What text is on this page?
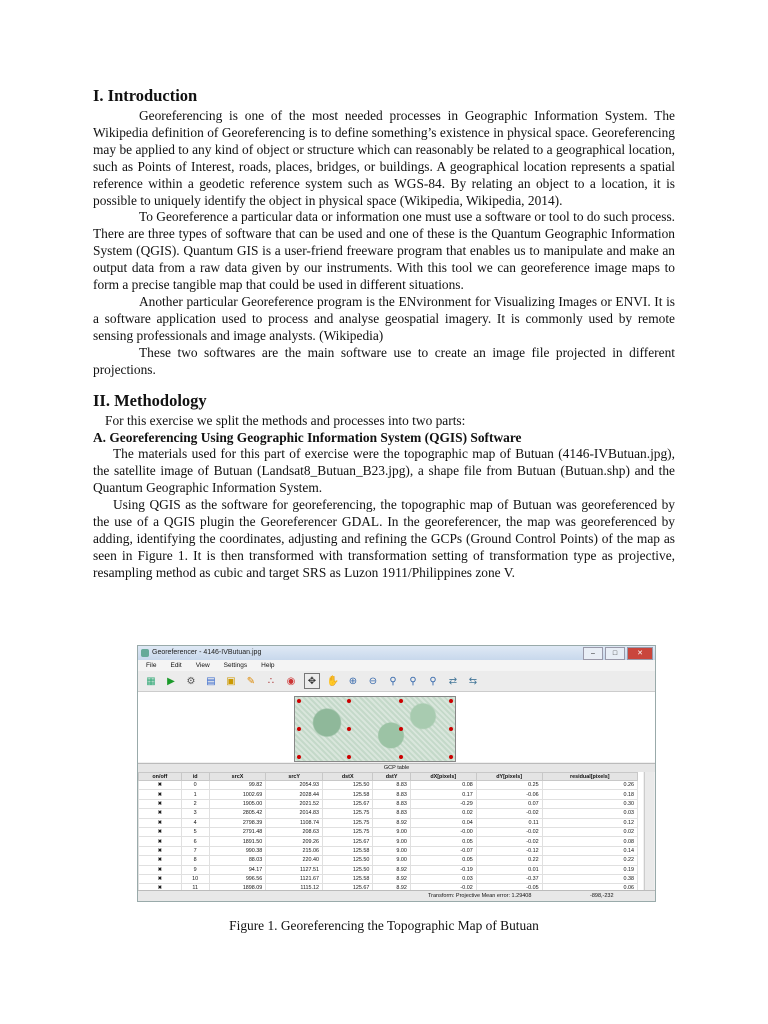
I. Introduction

Georeferencing is one of the most needed processes in Geographic Information System. The Wikipedia definition of Georeferencing is to define something’s existence in physical space. Georeferencing may be applied to any kind of object or structure which can reasonably be related to a geographical location, such as Points of Interest, roads, places, bridges, or buildings. A geographical location represents a spatial reference within a geodetic reference system such as WGS-84. By relating an object to a location, it is possible to uniquely identify the object in physical space (Wikipedia, Wikipedia, 2014).

To Georeference a particular data or information one must use a software or tool to do such process. There are three types of software that can be used and one of these is the Quantum Geographic Information System (QGIS). Quantum GIS is a user-friend freeware program that enables us to manipulate and make an output data from a raw data given by our instruments. With this tool we can georeference image maps to form a precise tangible map that could be used in different situations.

Another particular Georeference program is the ENvironment for Visualizing Images or ENVI. It is a software application used to process and analyse geospatial imagery. It is commonly used by remote sensing professionals and image analysts. (Wikipedia)

These two softwares are the main software use to create an image file projected in different projections.

II. Methodology

For this exercise we split the methods and processes into two parts:

A. Georeferencing Using Geographic Information System (QGIS) Software

The materials used for this part of exercise were the topographic map of Butuan (4146-IVButuan.jpg), the satellite image of Butuan (Landsat8_Butuan_B23.jpg), a shape file from Butuan (Butuan.shp) and the Quantum Geographic Information System.

Using QGIS as the software for georeferencing, the topographic map of Butuan was georeferenced by the use of a QGIS plugin the Georeferencer GDAL. In the georeferencer, the map was georeferenced by adding, identifying the coordinates, adjusting and refining the GCPs (Ground Control Points) of the map as seen in Figure 1. It is then transformed with transformation setting of transformation type as projective, resampling method as cubic and target SRS as Luzon 1911/Philippines zone V.

Georeferencer - 4146-IVButuan.jpg	–	□	✕
File Edit View Settings Help
▦	▶	⚙ ▤ ▣ ✎	∴	◉	✥	✋ ⊕ ⊖	⚲	⚲	⚲	⇄ ⇆
GCP table
on/off	id	srcX	srcY	dstX	dstY	dX[pixels]	dY[pixels]	residual[pixels]
✖	0	99.82	2054.93	125.50	8.83	0.08	0.25	0.26
✖	1	1002.69	2028.44	125.58	8.83	0.17	-0.06	0.18
✖	2	1905.00	2021.52	125.67	8.83	-0.29	0.07	0.30
✖	3	2805.42	2014.83	125.75	8.83	0.02	-0.02	0.03
✖	4	2798.39	1108.74	125.75	8.92	0.04	0.11	0.12
✖	5	2791.48	208.63	125.75	9.00	-0.00	-0.02	0.02
✖	6	1891.50	209.26	125.67	9.00	0.05	-0.02	0.08
✖	7	990.38	215.06	125.58	9.00	-0.07	-0.12	0.14
✖	8	88.03	220.40	125.50	9.00	0.05	0.22	0.22
✖	9	94.17	1127.51	125.50	8.92	-0.19	0.01	0.19
✖	10	996.56	1121.67	125.58	8.92	0.03	-0.37	0.38
✖	11	1898.09	1115.12	125.67	8.92	-0.02	-0.05	0.06

Transform: Projective Mean error: 1.29408	-898,-232
Figure 1. Georeferencing the Topographic Map of Butuan
